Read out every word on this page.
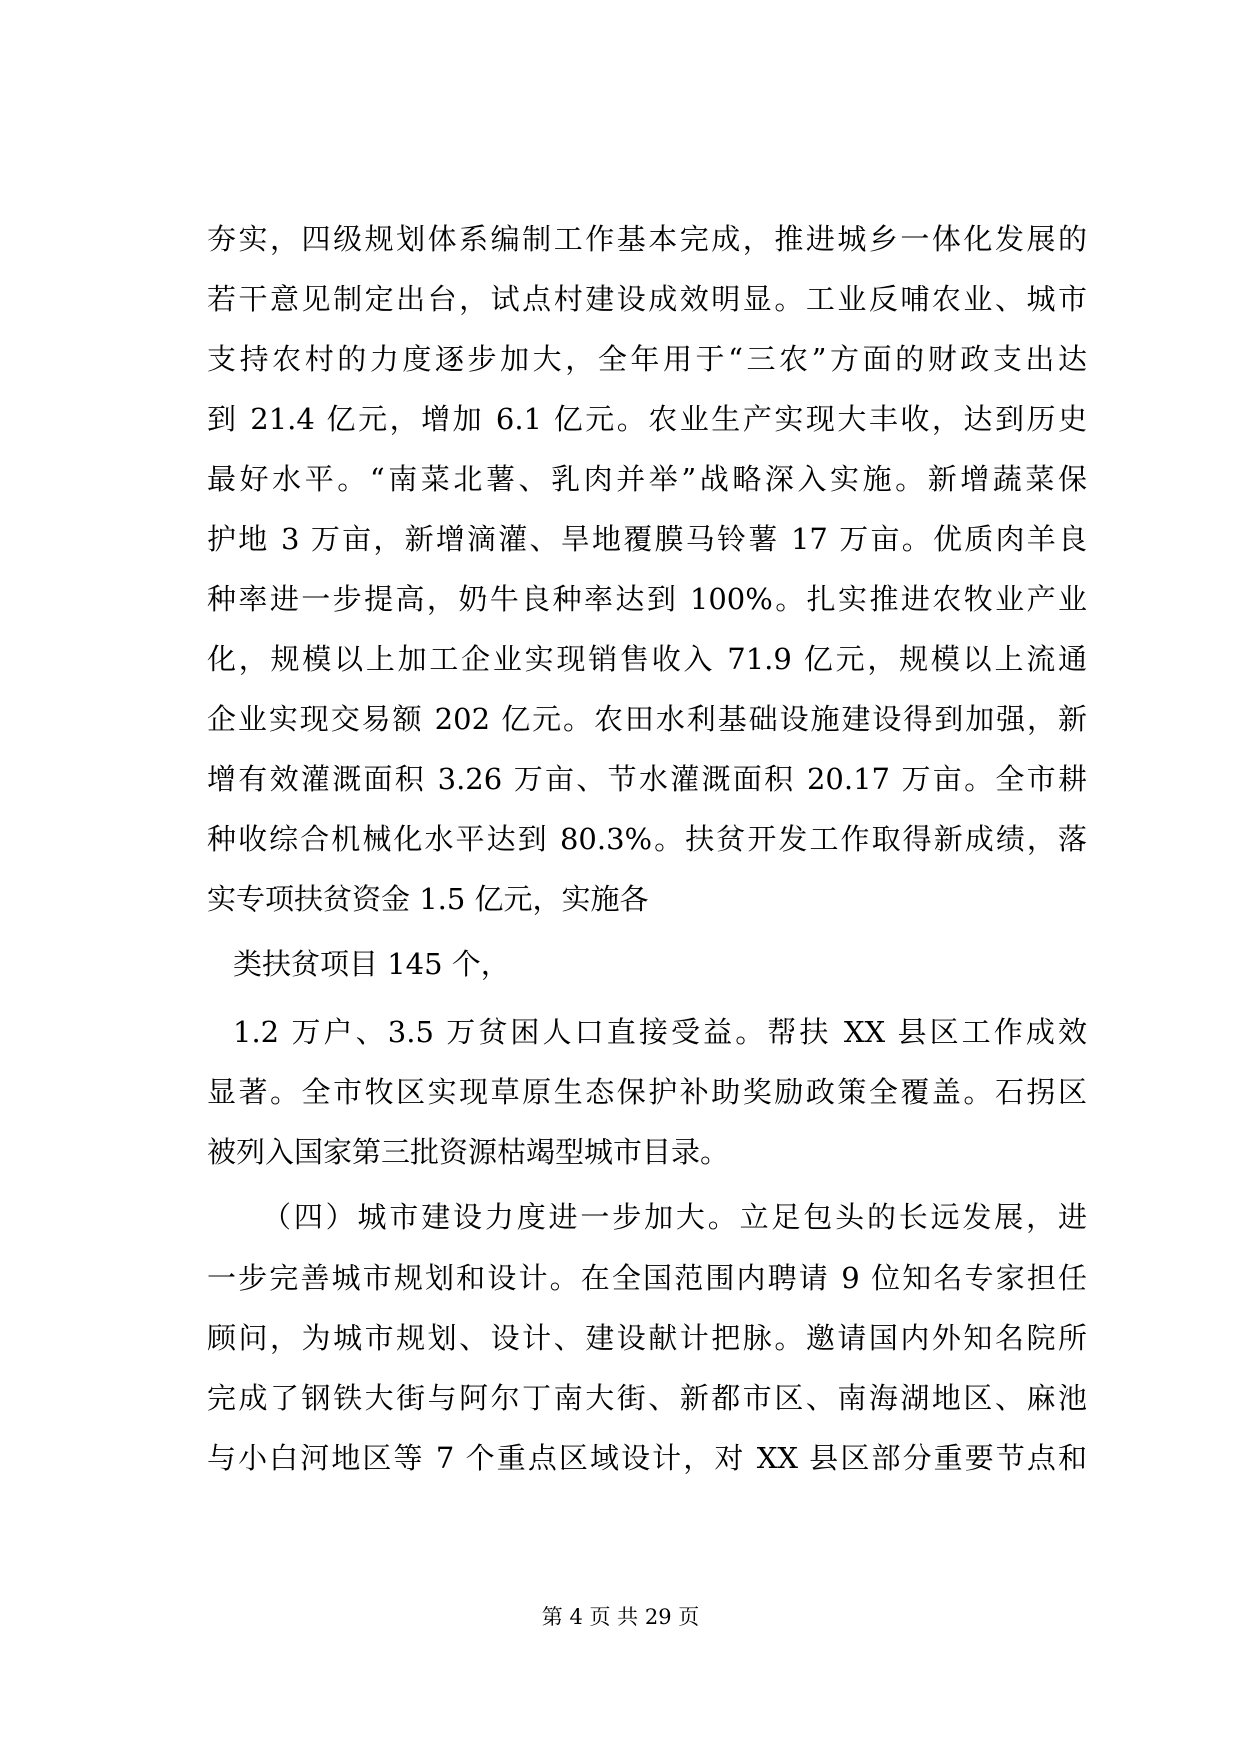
夯实，四级规划体系编制工作基本完成，推进城乡一体化发展的
若干意见制定出台，试点村建设成效明显。工业反哺农业、城市
支持农村的力度逐步加大，全年用于“三农”方面的财政支出达
到 21.4 亿元，增加 6.1 亿元。农业生产实现大丰收，达到历史
最好水平。“南菜北薯、乳肉并举”战略深入实施。新增蔬菜保
护地 3 万亩，新增滴灌、旱地覆膜马铃薯 17 万亩。优质肉羊良
种率进一步提高，奶牛良种率达到 100%。扎实推进农牧业产业
化，规模以上加工企业实现销售收入 71.9 亿元，规模以上流通
企业实现交易额 202 亿元。农田水利基础设施建设得到加强，新
增有效灌溉面积 3.26 万亩、节水灌溉面积 20.17 万亩。全市耕
种收综合机械化水平达到 80.3%。扶贫开发工作取得新成绩，落
实专项扶贫资金 1.5 亿元，实施各
类扶贫项目 145 个，
1.2 万户、3.5 万贫困人口直接受益。帮扶 XX 县区工作成效
显著。全市牧区实现草原生态保护补助奖励政策全覆盖。石拐区
被列入国家第三批资源枯竭型城市目录。
（四）城市建设力度进一步加大。立足包头的长远发展，进
一步完善城市规划和设计。在全国范围内聘请 9 位知名专家担任
顾问，为城市规划、设计、建设献计把脉。邀请国内外知名院所
完成了钢铁大街与阿尔丁南大街、新都市区、南海湖地区、麻池
与小白河地区等 7 个重点区域设计，对 XX 县区部分重要节点和
第 4 页 共 29 页
